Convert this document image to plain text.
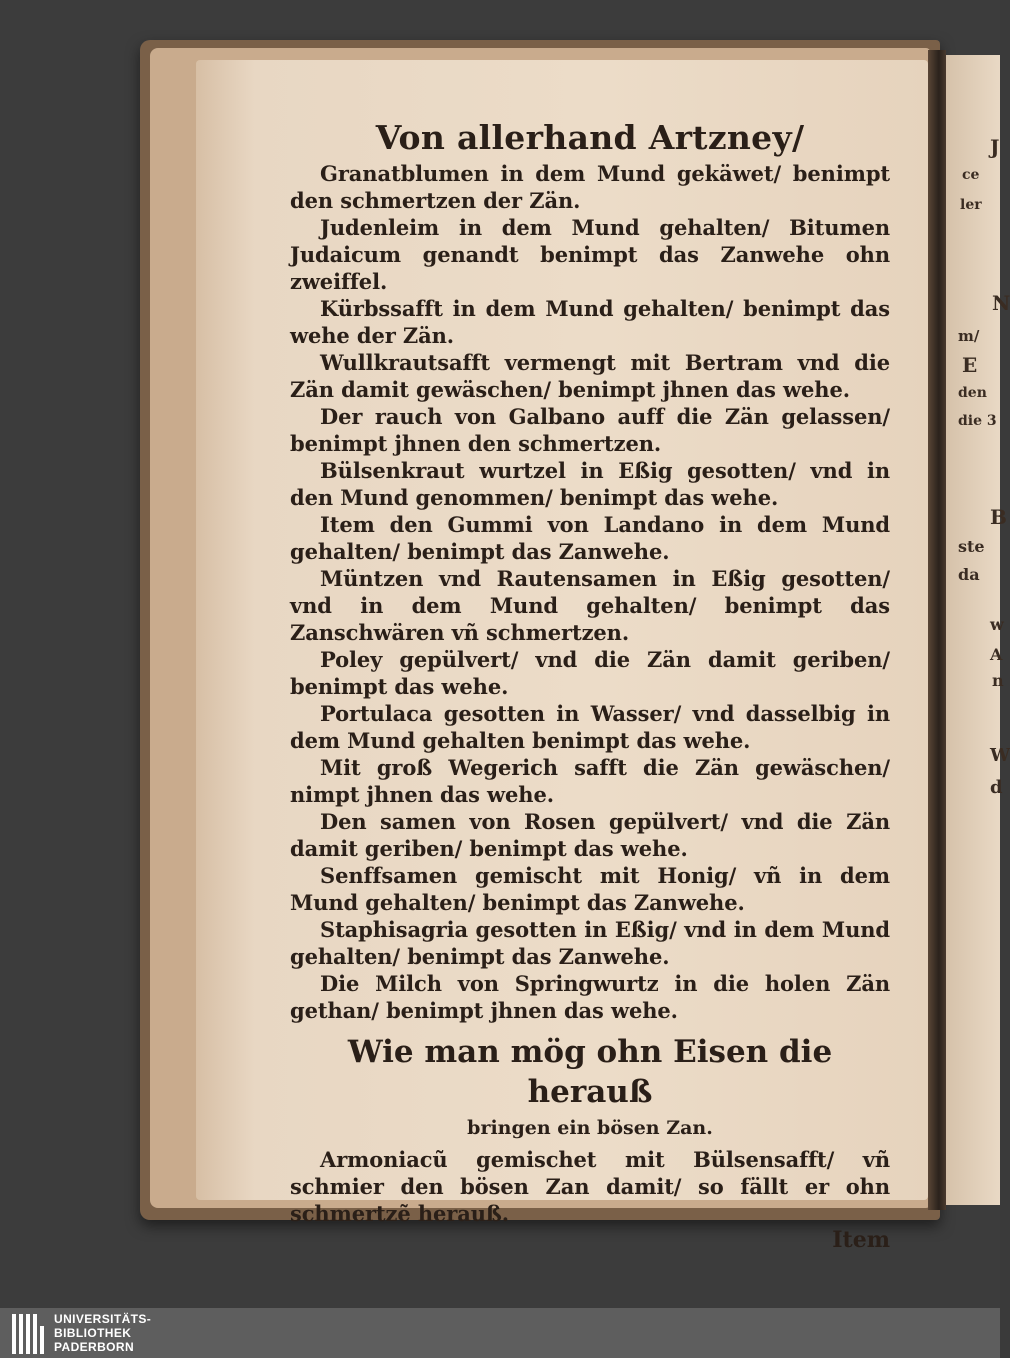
J
ce
ler
N
m/
E
den
die 3
B
ste
da
w
A
n
W
d

Von allerhand Artzney/

Granatblumen in dem Mund gekäwet/ benimpt den schmertzen der Zän.

Judenleim in dem Mund gehalten/ Bitumen Judaicum genandt benimpt das Zanwehe ohn zweiffel.

Kürbssafft in dem Mund gehalten/ benimpt das wehe der Zän.

Wullkrautsafft vermengt mit Bertram vnd die Zän damit gewäschen/ benimpt jhnen das wehe.

Der rauch von Galbano auff die Zän gelassen/ benimpt jhnen den schmertzen.

Bülsenkraut wurtzel in Eßig gesotten/ vnd in den Mund genommen/ benimpt das wehe.

Item den Gummi von Landano in dem Mund gehalten/ benimpt das Zanwehe.

Müntzen vnd Rautensamen in Eßig gesotten/ vnd in dem Mund gehalten/ benimpt das Zanschwären vñ schmertzen.

Poley gepülvert/ vnd die Zän damit geriben/ benimpt das wehe.

Portulaca gesotten in Wasser/ vnd dasselbig in dem Mund gehalten benimpt das wehe.

Mit groß Wegerich safft die Zän gewäschen/ nimpt jhnen das wehe.

Den samen von Rosen gepülvert/ vnd die Zän damit geriben/ benimpt das wehe.

Senffsamen gemischt mit Honig/ vñ in dem Mund gehalten/ benimpt das Zanwehe.

Staphisagria gesotten in Eßig/ vnd in dem Mund gehalten/ benimpt das Zanwehe.

Die Milch von Springwurtz in die holen Zän gethan/ benimpt jhnen das wehe.

Wie man mög ohn Eisen die herauß

bringen ein bösen Zan.

Armoniacũ gemischet mit Bülsensafft/ vñ schmier den bösen Zan damit/ so fällt er ohn schmertzẽ herauß.

Item

UNIVERSITÄTS-
BIBLIOTHEK
PADERBORN
